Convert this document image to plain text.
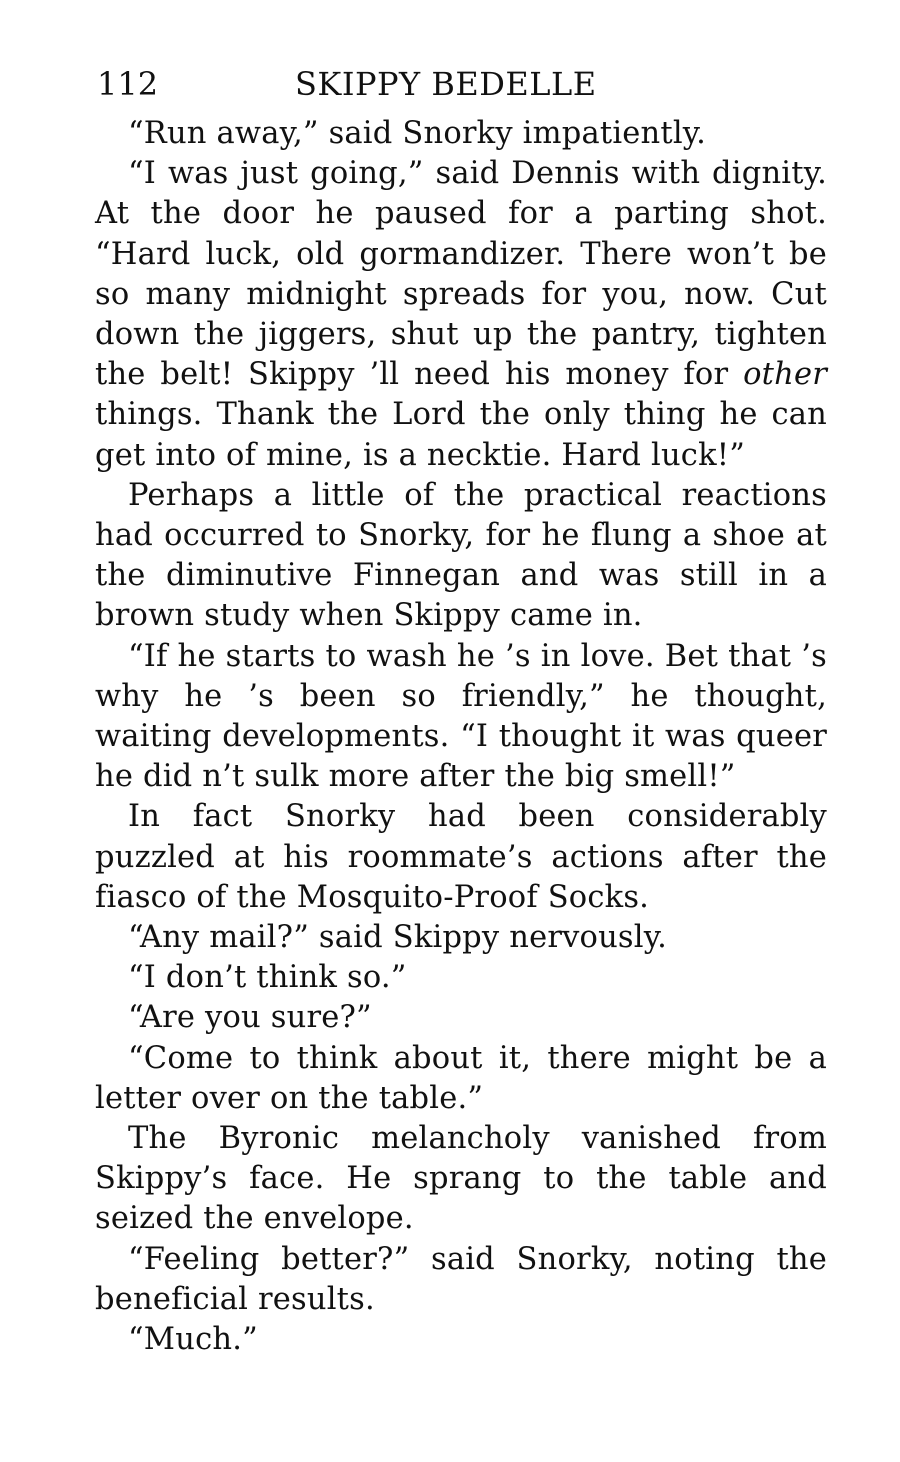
112	SKIPPY BEDELLE

“Run away,” said Snorky impatiently.

“I was just going,” said Dennis with dignity. At the door he paused for a parting shot. “Hard luck, old gormandizer. There won’t be so many midnight spreads for you, now. Cut down the jiggers, shut up the pantry, tighten the belt! Skippy ’ll need his money for other things. Thank the Lord the only thing he can get into of mine, is a necktie. Hard luck!”

Perhaps a little of the practical reactions had occurred to Snorky, for he flung a shoe at the diminutive Finnegan and was still in a brown study when Skippy came in.

“If he starts to wash he ’s in love. Bet that ’s why he ’s been so friendly,” he thought, waiting developments. “I thought it was queer he did n’t sulk more after the big smell!”

In fact Snorky had been considerably puzzled at his roommate’s actions after the fiasco of the Mosquito-Proof Socks.

“Any mail?” said Skippy nervously.

“I don’t think so.”

“Are you sure?”

“Come to think about it, there might be a letter over on the table.”

The Byronic melancholy vanished from Skippy’s face. He sprang to the table and seized the envelope.

“Feeling better?” said Snorky, noting the beneficial results.

“Much.”
